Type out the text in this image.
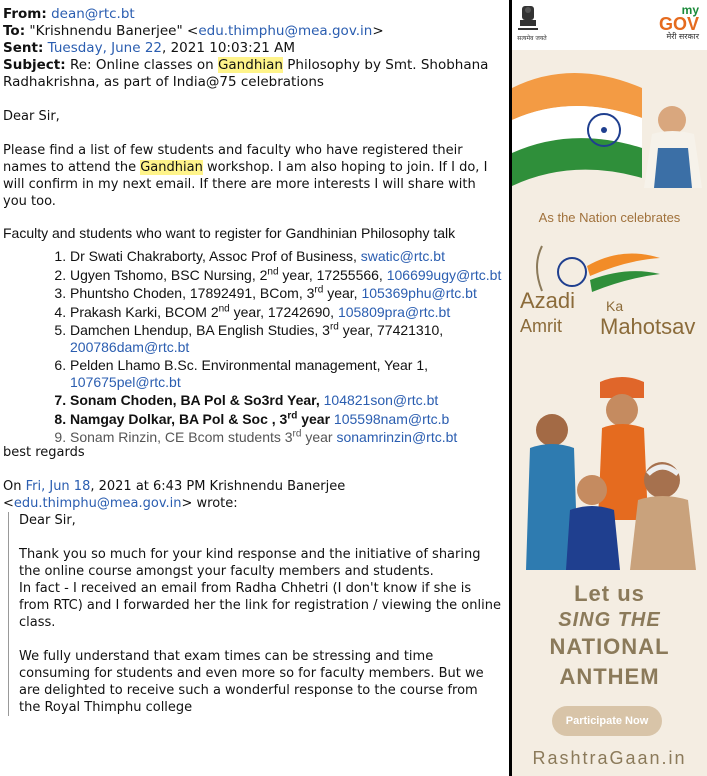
From: dean@rtc.bt
To: "Krishnendu Banerjee" <edu.thimphu@mea.gov.in>
Sent: Tuesday, June 22, 2021 10:03:21 AM
Subject: Re: Online classes on Gandhian Philosophy by Smt. Shobhana Radhakrishna, as part of India@75 celebrations

Dear Sir,

Please find a list of few students and faculty who have registered their names to attend the Gandhian workshop. I am also hoping to join. If I do, I will confirm in my next email. If there are more interests I will share with you too.

Faculty and students who want to register for Gandhinian Philosophy talk

1. Dr Swati Chakraborty, Assoc Prof of Business, swatic@rtc.bt
2. Ugyen Tshomo, BSC Nursing, 2nd year, 17255566, 106699ugy@rtc.bt
3. Phuntsho Choden, 17892491, BCom, 3rd year, 105369phu@rtc.bt
4. Prakash Karki, BCOM 2nd year, 17242690, 105809pra@rtc.bt
5. Damchen Lhendup, BA English Studies, 3rd year, 77421310, 200786dam@rtc.bt
6. Pelden Lhamo B.Sc. Environmental management, Year 1, 107675pel@rtc.bt
7. Sonam Choden, BA Pol & So3rd Year, 104821son@rtc.bt
8. Namgay Dolkar, BA Pol & Soc , 3rd year 105598nam@rtc.b
9. Sonam Rinzin, CE Bcom students 3rd year sonamrinzin@rtc.bt

best regards

On Fri, Jun 18, 2021 at 6:43 PM Krishnendu Banerjee
<edu.thimphu@mea.gov.in> wrote:

Dear Sir,

Thank you so much for your kind response and the initiative of sharing the online course amongst your faculty members and students.

In fact - I received an email from Radha Chhetri (I don't know if she is from RTC) and I forwarded her the link for registration / viewing the online class.

We fully understand that exam times can be stressing and time consuming for students and even more so for faculty members. But we are delighted to receive such a wonderful response to the course from the Royal Thimphu college

सत्यमेव जयते
my
GOV
मेरी सरकार
As the Nation celebrates
Azadi Ka
Amrit Mahotsav
Let us
SING THE
NATIONAL
ANTHEM
Participate Now
RashtraGaan.in
